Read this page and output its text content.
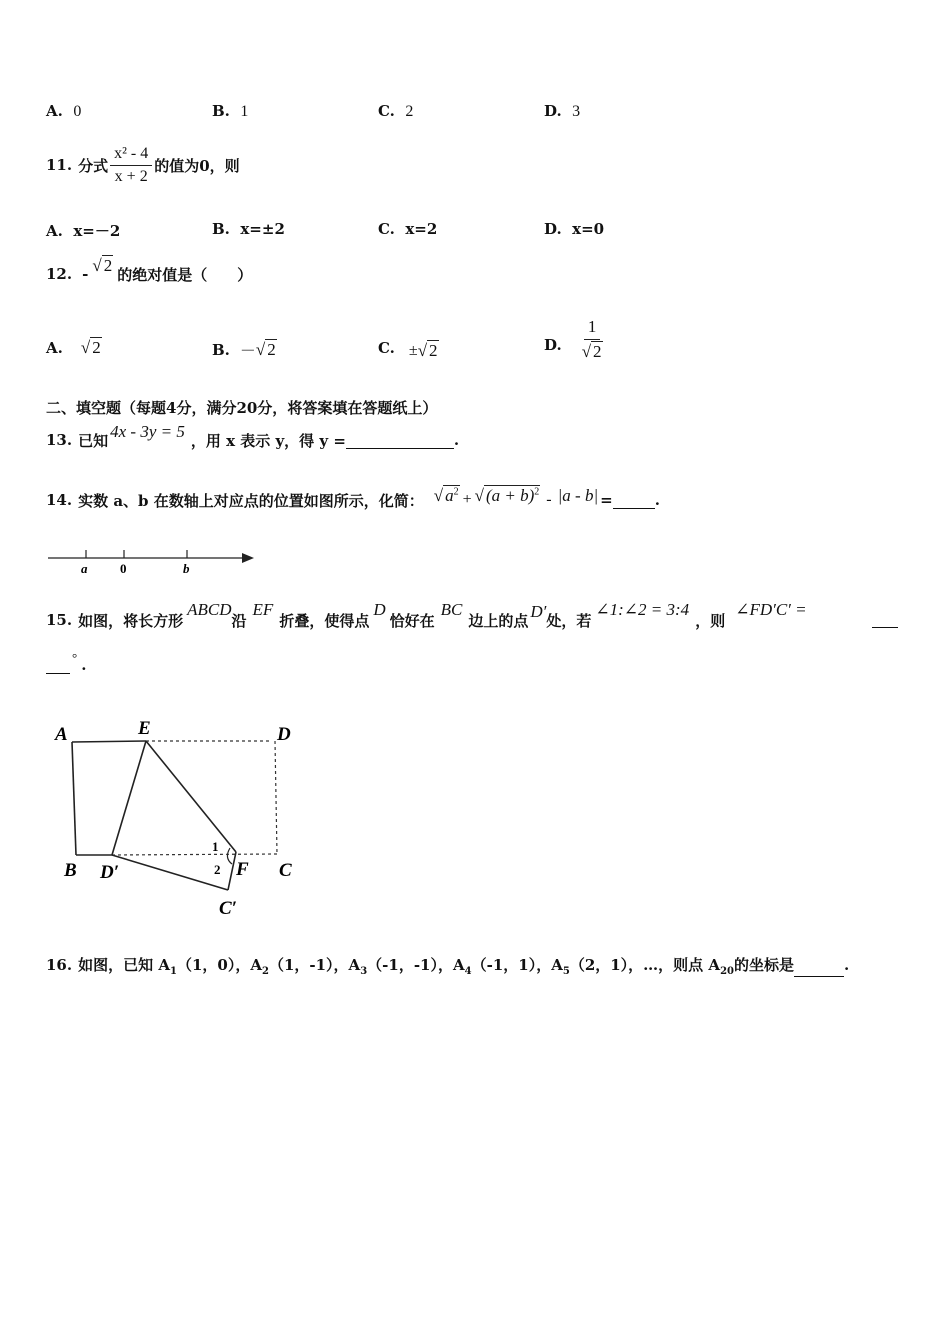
A. 0	B. 1	C. 2	D. 3
11. 分式 $\frac{\text{x² - 4}}{x + 2}$ 的值为0，则
A. x=－2	B. x=±2	C. x=2	D. x=0
12. - √ 2 的绝对值是（　　）
A. √ 2	B. － √ 2	C. ± √ 2	D. $\frac{1}{√ 2}$
二、填空题（每题4分，满分20分，将答案填在答题纸上）
13. 已知 4x - 3y = 5 ，用 x 表示 y，得 y =	.
14. 实数 a、b 在数轴上对应点的位置如图所示，化简： √ $a^2$ + √ $(a + b)^2 - |a - b|$ =	.
a	0	b
15. 如图，将长方形
ABCD
沿
EF
折叠，使得点
D
恰好在
BC
边上的点 D′ 处，若
∠1:∠2 = 3:4
，则
∠FD′C′ =
° .
A	E	D
B D′	F C
C′
1
2
16. 如图，已知 $A_1(1$，0），$A_2(1$，-1），$A_3(-1$，-1），$A_4(-1$，1），$A_5(2$，1），…，则点 $A_{20}$的坐标是	.
